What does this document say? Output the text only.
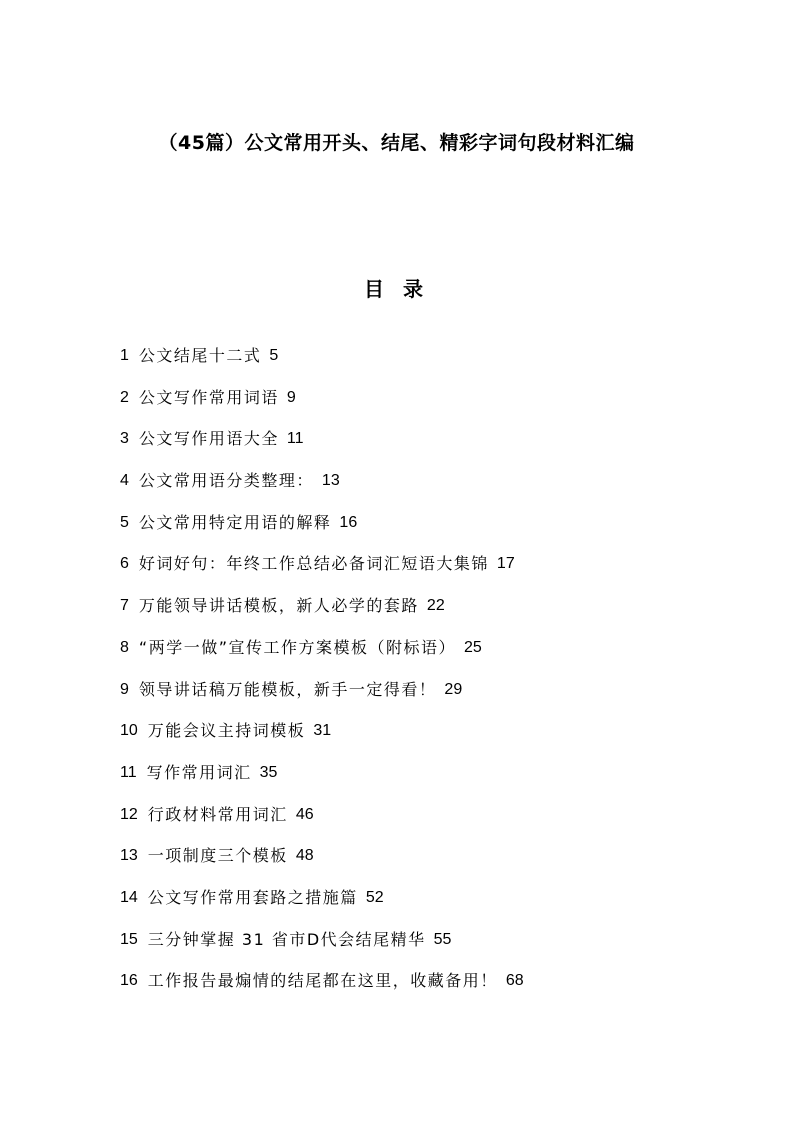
（45篇）公文常用开头、结尾、精彩字词句段材料汇编
目 录
1 公文结尾十二式 5
2 公文写作常用词语 9
3 公文写作用语大全 11
4 公文常用语分类整理： 13
5 公文常用特定用语的解释 16
6 好词好句：年终工作总结必备词汇短语大集锦 17
7 万能领导讲话模板，新人必学的套路 22
8 “两学一做”宣传工作方案模板（附标语） 25
9 领导讲话稿万能模板，新手一定得看！ 29
10 万能会议主持词模板 31
11 写作常用词汇 35
12 行政材料常用词汇 46
13 一项制度三个模板 48
14 公文写作常用套路之措施篇 52
15 三分钟掌握 31 省市D代会结尾精华 55
16 工作报告最煽情的结尾都在这里，收藏备用！ 68
